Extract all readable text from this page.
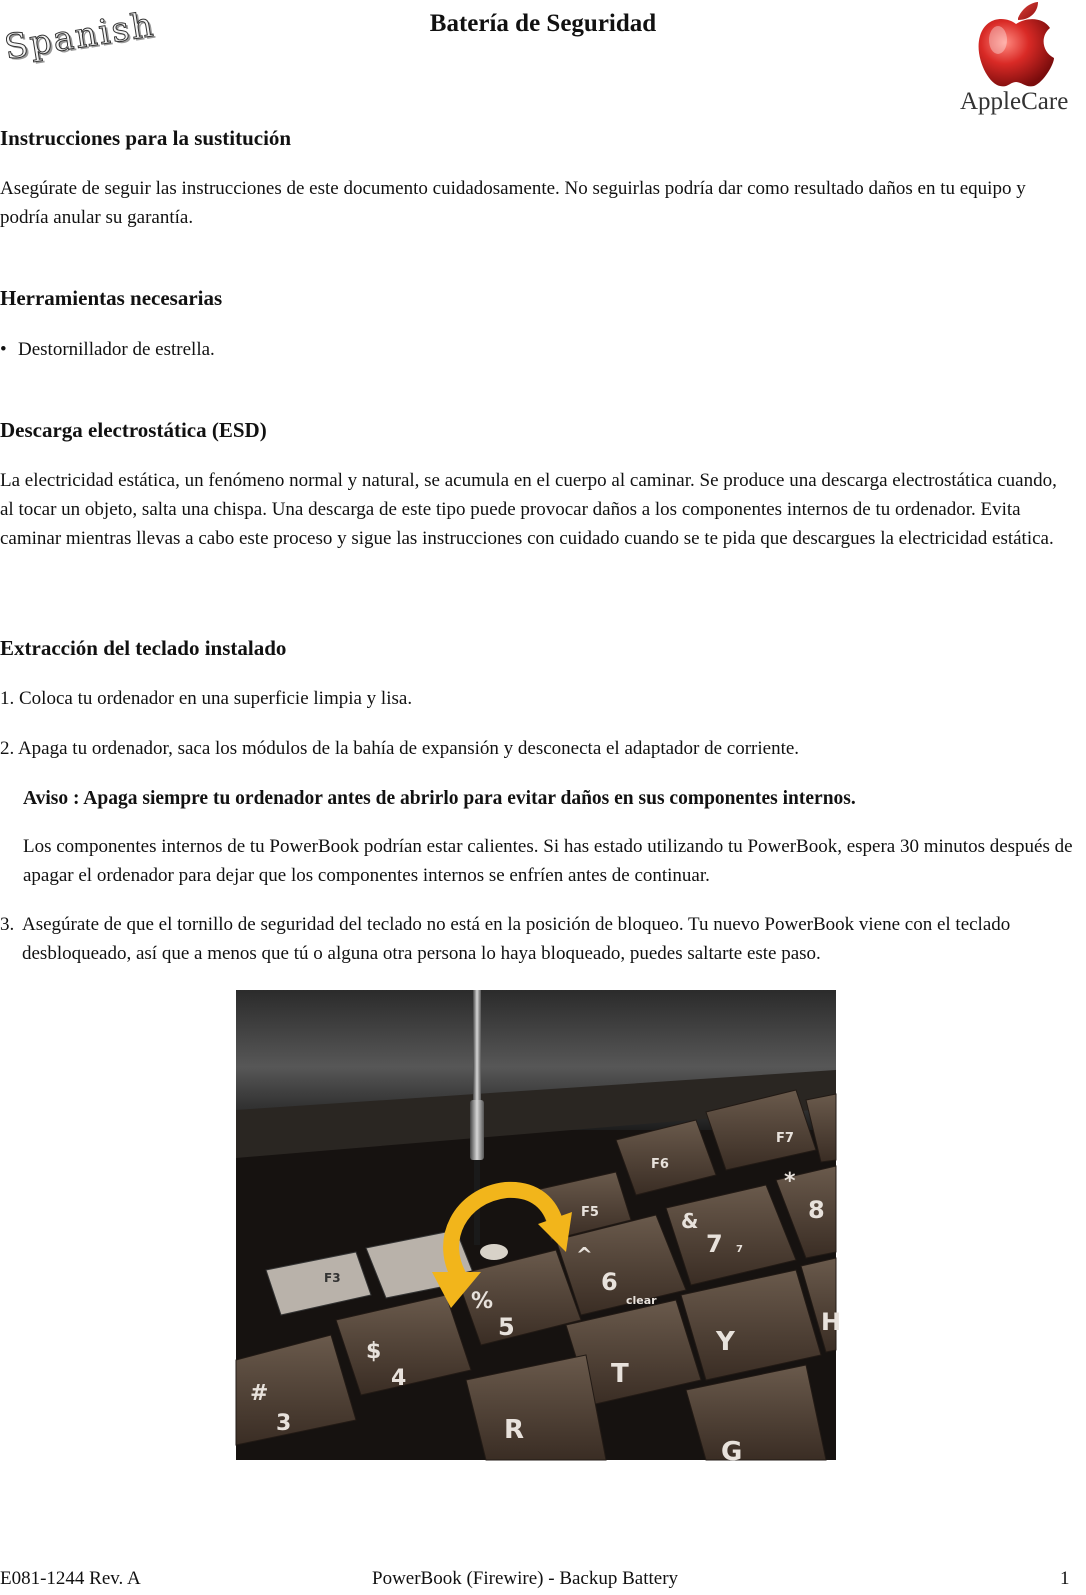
Batería de Seguridad
Spanish
AppleCare
Instrucciones para la sustitución
Asegúrate de seguir las instrucciones de este documento cuidadosamente. No seguirlas podría dar como resultado daños en tu equipo y podría anular su garantía.
Herramientas necesarias
• Destornillador de estrella.
Descarga electrostática (ESD)
La electricidad estática, un fenómeno normal y natural, se acumula en el cuerpo al caminar. Se produce una descarga electrostática cuando, al tocar un objeto, salta una chispa. Una descarga de este tipo puede provocar daños a los componentes internos de tu ordenador. Evita caminar mientras llevas a cabo este proceso y sigue las instrucciones con cuidado cuando se te pida que descargues la electricidad estática.
Extracción del teclado instalado
1. Coloca tu ordenador en una superficie limpia y lisa.
2. Apaga tu ordenador, saca los módulos de la bahía de expansión y desconecta el adaptador de corriente.
Aviso : Apaga siempre tu ordenador antes de abrirlo para evitar daños en sus componentes internos.
Los componentes internos de tu PowerBook podrían estar calientes. Si has estado utilizando tu PowerBook, espera 30 minutos después de apagar el ordenador para dejar que los componentes internos se enfríen antes de continuar.
3. Asegúrate de que el tornillo de seguridad del teclado no está en la posición de bloqueo. Tu nuevo PowerBook viene con el teclado desbloqueado, así que a menos que tú o alguna otra persona lo haya bloqueado, puedes saltarte este paso.
F6
F7
F5
F3
%
5
$
4
#
3
^
6
clear
&
7 7
*
8
Y
T
R
G
H
E081-1244 Rev. A	PowerBook (Firewire) - Backup Battery	1
